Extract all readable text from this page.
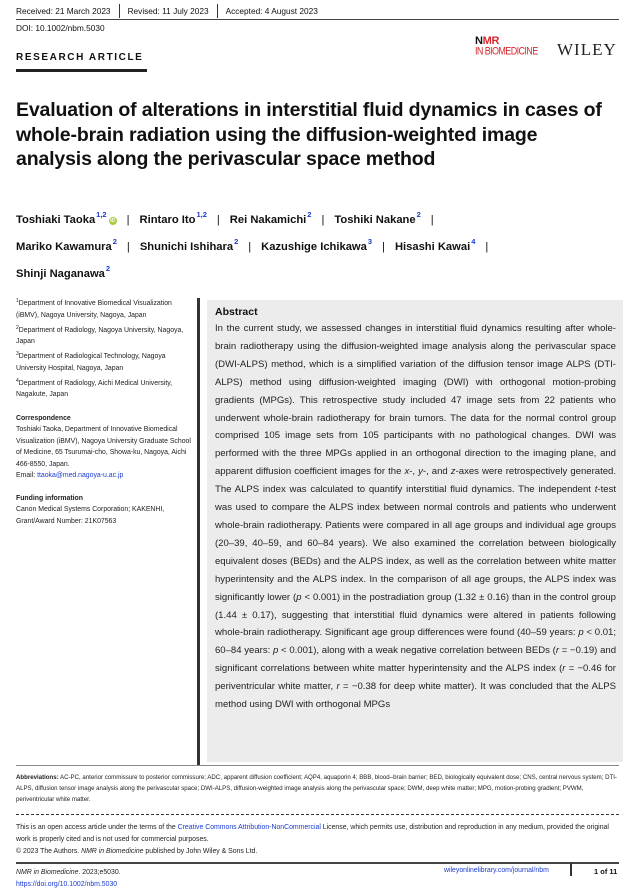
Received: 21 March 2023	Revised: 11 July 2023	Accepted: 4 August 2023
DOI: 10.1002/nbm.5030
RESEARCH ARTICLE
NMR
IN BIOMEDICINE WILEY
Evaluation of alterations in interstitial fluid dynamics in cases of whole-brain radiation using the diffusion-weighted image analysis along the perivascular space method
Toshiaki Taoka$^{1,2}$iD | Rintaro Ito$^{1,2}$ | Rei Nakamichi$^2$ | Toshiki Nakane$^2$ |
Mariko Kawamura$^2$ | Shunichi Ishihara$^2$ | Kazushige Ichikawa$^3$ | Hisashi Kawai$^4$ |
Shinji Naganawa$^2$
$^1$Department of Innovative Biomedical Visualization (iBMV), Nagoya University, Nagoya, Japan
$^2$Department of Radiology, Nagoya University, Nagoya, Japan
$^3$Department of Radiological Technology, Nagoya University Hospital, Nagoya, Japan
$^4$Department of Radiology, Aichi Medical University, Nagakute, Japan
Correspondence
Toshiaki Taoka, Department of Innovative Biomedical Visualization (iBMV), Nagoya University Graduate School of Medicine, 65 Tsurumai-cho, Showa-ku, Nagoya, Aichi 466-8550, Japan.
Email: ttaoka@med.nagoya-u.ac.jp
Funding information
Canon Medical Systems Corporation; KAKENHI, Grant/Award Number: 21K07563
Abstract
In the current study, we assessed changes in interstitial fluid dynamics resulting after whole-brain radiotherapy using the diffusion-weighted image analysis along the perivascular space (DWI-ALPS) method, which is a simplified variation of the diffusion tensor image ALPS (DTI-ALPS) method using diffusion-weighted imaging (DWI) with orthogonal motion-probing gradients (MPGs). This retrospective study included 47 image sets from 22 patients who underwent whole-brain radiotherapy for brain tumors. The data for the normal control group comprised 105 image sets from 105 participants with no pathological changes. DWI was performed with the three MPGs applied in an orthogonal direction to the imaging plane, and apparent diffusion coefficient images for the x-, y-, and z-axes were retrospectively generated. The ALPS index was calculated to quantify interstitial fluid dynamics. The independent t-test was used to compare the ALPS index between normal controls and patients who underwent whole-brain radiotherapy. Patients were compared in all age groups and individual age groups (20–39, 40–59, and 60–84 years). We also examined the correlation between biologically equivalent doses (BEDs) and the ALPS index, as well as the correlation between white matter hyperintensity and the ALPS index. In the comparison of all age groups, the ALPS index was significantly lower (p < 0.001) in the postradiation group (1.32 ± 0.16) than in the control group (1.44 ± 0.17), suggesting that interstitial fluid dynamics were altered in patients following whole-brain radiotherapy. Significant age group differences were found (40–59 years: p < 0.01; 60–84 years: p < 0.001), along with a weak negative correlation between BEDs (r = −0.19) and significant correlations between white matter hyperintensity and the ALPS index (r = −0.46 for periventricular white matter, r = −0.38 for deep white matter). It was concluded that the ALPS method using DWI with orthogonal MPGs
Abbreviations: AC-PC, anterior commissure to posterior commissure; ADC, apparent diffusion coefficient; AQP4, aquaporin 4; BBB, blood–brain barrier; BED, biologically equivalent dose; CNS, central nervous system; DTI-ALPS, diffusion tensor image analysis along the perivascular space; DWI-ALPS, diffusion-weighted image analysis along the perivascular space; DWM, deep white matter; MPG, motion-probing gradient; PVWM, periventricular white matter.
This is an open access article under the terms of the Creative Commons Attribution-NonCommercial License, which permits use, distribution and reproduction in any medium, provided the original work is properly cited and is not used for commercial purposes.
© 2023 The Authors. NMR in Biomedicine published by John Wiley & Sons Ltd.
NMR in Biomedicine. 2023;e5030.
https://doi.org/10.1002/nbm.5030
wileyonlinelibrary.com/journal/nbm	1 of 11
